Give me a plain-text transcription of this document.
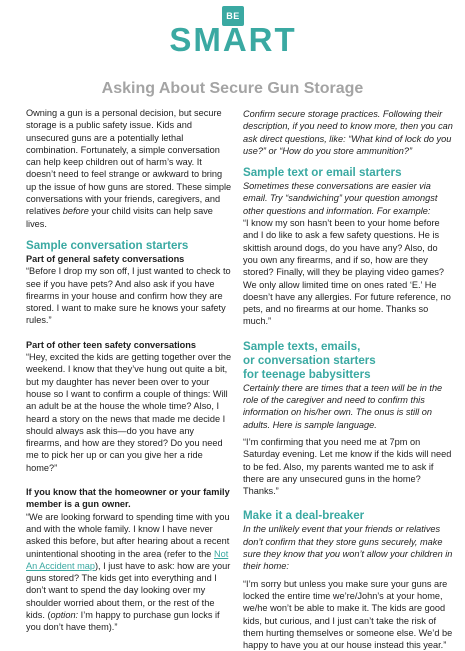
BE
SMART
Asking About Secure Gun Storage

Owning a gun is a personal decision, but secure storage is a public safety issue. Kids and unsecured guns are a potentially lethal combination. Fortunately, a simple conversation can help keep children out of harm’s way. It doesn’t need to feel strange or awkward to bring up the issue of how guns are stored. These simple conversations with your friends, caregivers, and relatives before your child visits can help save lives.

Sample conversation starters

Part of general safety conversations

“Before I drop my son off, I just wanted to check to see if you have pets? And also ask if you have firearms in your house and confirm how they are stored. I want to make sure he knows your safety rules.”

Part of other teen safety conversations

“Hey, excited the kids are getting together over the weekend. I know that they’ve hung out quite a bit, but my daughter has never been over to your house so I want to confirm a couple of things: Will an adult be at the house the whole time? Also, I heard a story on the news that made me decide I should always ask this—do you have any firearms, and how are they stored? Do you need me to pick her up or can you give her a ride home?”

If you know that the homeowner or your family member is a gun owner.

“We are looking forward to spending time with you and with the whole family. I know I have never asked this before, but after hearing about a recent unintentional shooting in the area (refer to the Not An Accident map), I just have to ask: how are your guns stored? The kids get into everything and I don’t want to spend the day looking over my shoulder worried about them, or the rest of the kids. (option: I’m happy to purchase gun locks if you don’t have them).”

Confirm secure storage practices. Following their description, if you need to know more, then you can ask direct questions, like: “What kind of lock do you use?” or “How do you store ammunition?”

Sample text or email starters

Sometimes these conversations are easier via email. Try “sandwiching” your question amongst other questions and information. For example:

“I know my son hasn’t been to your home before and I do like to ask a few safety questions. He is skittish around dogs, do you have any? Also, do you own any firearms, and if so, how are they stored? Finally, will they be playing video games? We only allow limited time on ones rated ‘E.’ He doesn’t have any allergies. For future reference, no pets, and no firearms at our home. Thanks so much.”

Sample texts, emails,

or conversation starters

for teenage babysitters

Certainly there are times that a teen will be in the role of the caregiver and need to confirm this information on his/her own. The onus is still on adults. Here is sample language.

“I’m confirming that you need me at 7pm on Saturday evening. Let me know if the kids will need to be fed. Also, my parents wanted me to ask if there are any unsecured guns in the home? Thanks.”

Make it a deal-breaker

In the unlikely event that your friends or relatives don’t confirm that they store guns securely, make sure they know that you won’t allow your children in their home:

“I’m sorry but unless you make sure your guns are locked the entire time we’re/John’s at your home, we/he won’t be able to make it. The kids are good kids, but curious, and I just can’t take the risk of them hurting themselves or someone else. We’d be happy to have you at our house instead this year.”
